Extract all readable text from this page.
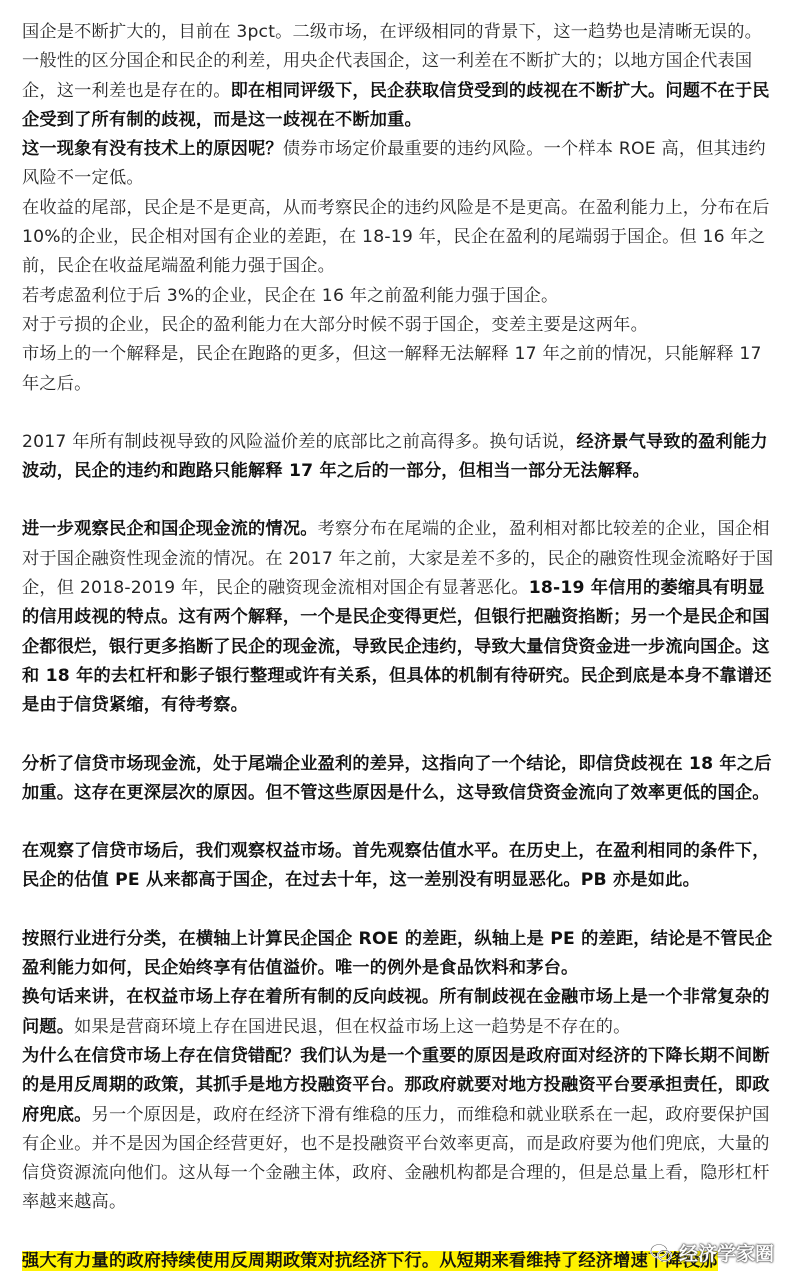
国企是不断扩大的，目前在 3pct。二级市场，在评级相同的背景下，这一趋势也是清晰无误的。一般性的区分国企和民企的利差，用央企代表国企，这一利差在不断扩大的；以地方国企代表国企，这一利差也是存在的。即在相同评级下，民企获取信贷受到的歧视在不断扩大。问题不在于民企受到了所有制的歧视，而是这一歧视在不断加重。

这一现象有没有技术上的原因呢？债券市场定价最重要的违约风险。一个样本 ROE 高，但其违约风险不一定低。

在收益的尾部，民企是不是更高，从而考察民企的违约风险是不是更高。在盈利能力上，分布在后 10%的企业，民企相对国有企业的差距，在 18-19 年，民企在盈利的尾端弱于国企。但 16 年之前，民企在收益尾端盈利能力强于国企。

若考虑盈利位于后 3%的企业，民企在 16 年之前盈利能力强于国企。

对于亏损的企业，民企的盈利能力在大部分时候不弱于国企，变差主要是这两年。

市场上的一个解释是，民企在跑路的更多，但这一解释无法解释 17 年之前的情况，只能解释 17 年之后。

2017 年所有制歧视导致的风险溢价差的底部比之前高得多。换句话说，经济景气导致的盈利能力波动，民企的违约和跑路只能解释 17 年之后的一部分，但相当一部分无法解释。

进一步观察民企和国企现金流的情况。考察分布在尾端的企业，盈利相对都比较差的企业，国企相对于国企融资性现金流的情况。在 2017 年之前，大家是差不多的，民企的融资性现金流略好于国企，但 2018-2019 年，民企的融资现金流相对国企有显著恶化。18-19 年信用的萎缩具有明显的信用歧视的特点。这有两个解释，一个是民企变得更烂，但银行把融资掐断；另一个是民企和国企都很烂，银行更多掐断了民企的现金流，导致民企违约，导致大量信贷资金进一步流向国企。这和 18 年的去杠杆和影子银行整理或许有关系，但具体的机制有待研究。民企到底是本身不靠谱还是由于信贷紧缩，有待考察。

分析了信贷市场现金流，处于尾端企业盈利的差异，这指向了一个结论，即信贷歧视在 18 年之后加重。这存在更深层次的原因。但不管这些原因是什么，这导致信贷资金流向了效率更低的国企。

在观察了信贷市场后，我们观察权益市场。首先观察估值水平。在历史上，在盈利相同的条件下，民企的估值 PE 从来都高于国企，在过去十年，这一差别没有明显恶化。PB 亦是如此。

按照行业进行分类，在横轴上计算民企国企 ROE 的差距，纵轴上是 PE 的差距，结论是不管民企盈利能力如何，民企始终享有估值溢价。唯一的例外是食品饮料和茅台。

换句话来讲，在权益市场上存在着所有制的反向歧视。所有制歧视在金融市场上是一个非常复杂的问题。如果是营商环境上存在国进民退，但在权益市场上这一趋势是不存在的。

为什么在信贷市场上存在信贷错配？我们认为是一个重要的原因是政府面对经济的下降长期不间断的是用反周期的政策，其抓手是地方投融资平台。那政府就要对地方投融资平台要承担责任，即政府兜底。另一个原因是，政府在经济下滑有维稳的压力，而维稳和就业联系在一起，政府要保护国有企业。并不是因为国企经营更好，也不是投融资平台效率更高，而是政府要为他们兜底，大量的信贷资源流向他们。这从每一个金融主体，政府、金融机构都是合理的，但是总量上看，隐形杠杆率越来越高。

强大有力量的政府持续使用反周期政策对抗经济下行。从短期来看维持了经济增速下降没那

经济学家圈
